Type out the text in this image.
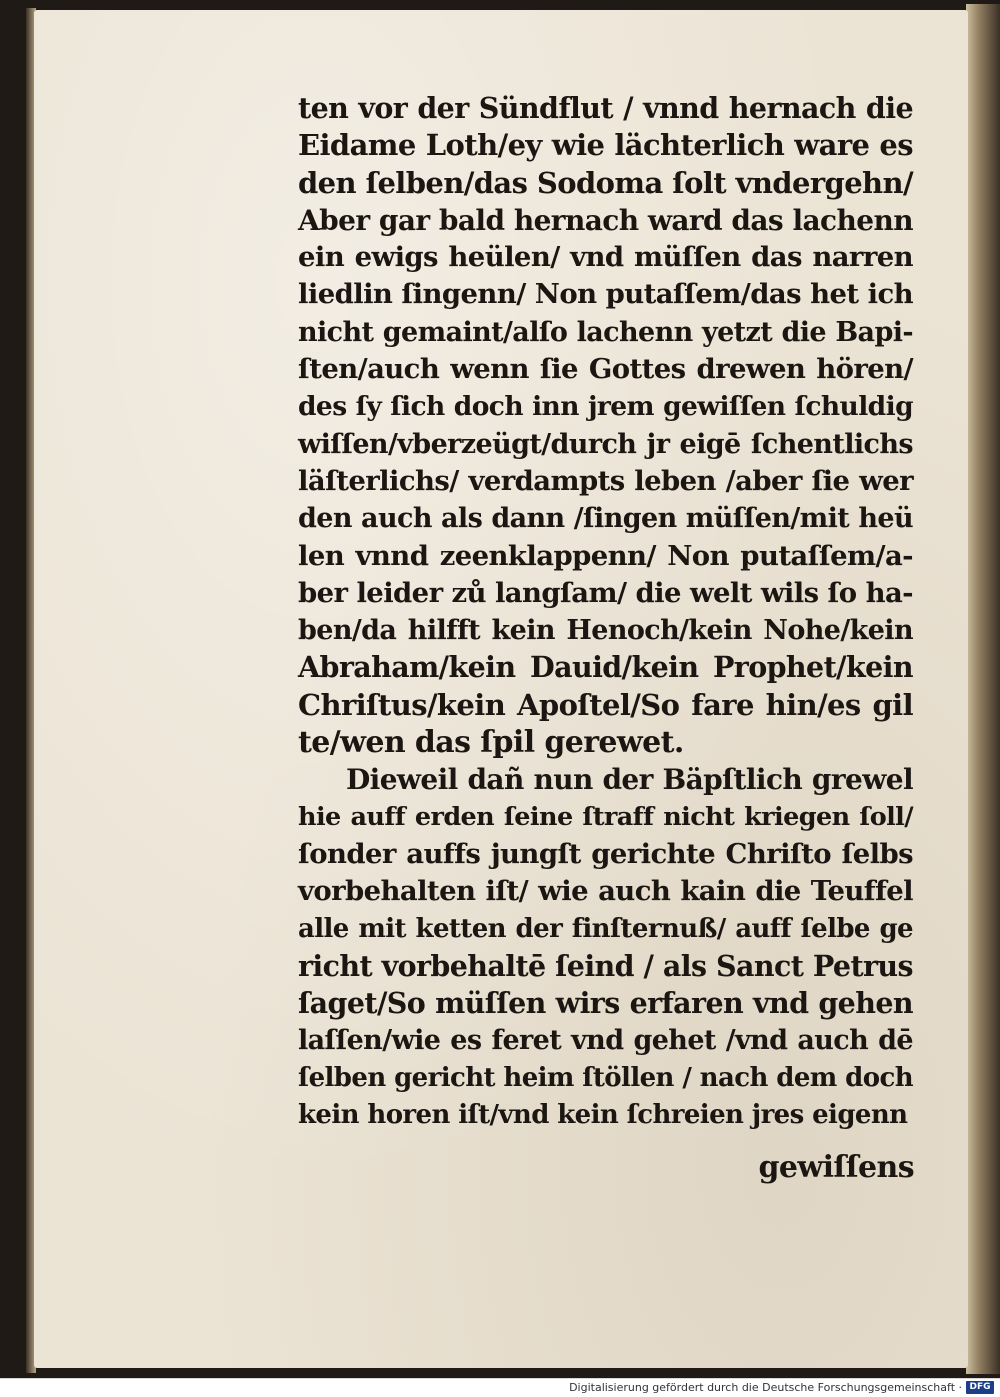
ten vor der Sündflut / vnnd hernach die
Eidame Loth/ey wie lächterlich ware es
den ſelben/das Sodoma ſolt vndergehn/
Aber gar bald hernach ward das lachenn
ein ewigs heülen/ vnd müſſen das narren
liedlin ſingenn/ Non putaſſem/das het ich
nicht gemaint/alſo lachenn yetzt die Bapi‑
ſten/auch wenn ſie Gottes drewen hören/
des ſy ſich doch inn jrem gewiſſen ſchuldig
wiſſen/vberzeügt/durch jr eigē ſchentlichs
läſterlichs/ verdampts leben /aber ſie wer
den auch als dann /ſingen müſſen/mit heü
len vnnd zeenklappenn/ Non putaſſem/a‑
ber leider zů langſam/ die welt wils ſo ha‑
ben/da hilfft kein Henoch/kein Nohe/kein
Abraham/kein Dauid/kein Prophet/kein
Chriſtus/kein Apoſtel/So fare hin/es gil
te/wen das ſpil gerewet.
Dieweil dañ nun der Bäpſtlich grewel
hie auff erden ſeine ſtraff nicht kriegen ſoll/
ſonder auffs jungſt gerichte Chriſto ſelbs
vorbehalten iſt/ wie auch kain die Teuffel
alle mit ketten der finſternuß/ auff ſelbe ge
richt vorbehaltē ſeind / als Sanct Petrus
ſaget/So müſſen wirs erfaren vnd gehen
laſſen/wie es feret vnd gehet /vnd auch dē
ſelben gericht heim ſtöllen / nach dem doch
kein horen iſt/vnd kein ſchreien jres eigenn
gewiſſens
Digitalisierung gefördert durch die Deutsche Forschungsgemeinschaft · DFG
